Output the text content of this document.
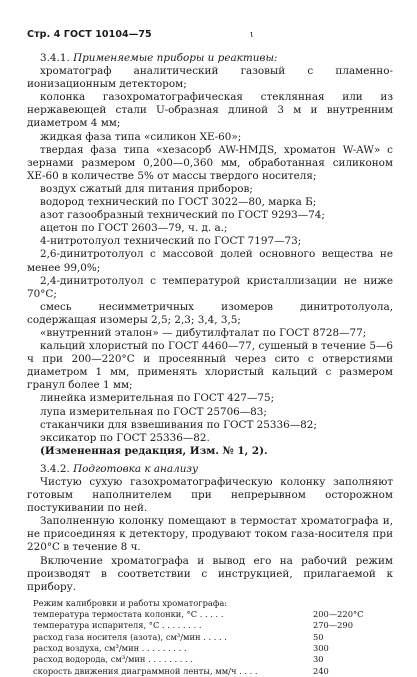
Стр. 4 ГОСТ 10104—75	ι

3.4.1. Применяемые приборы и реактивы:

хроматограф аналитический газовый с пламенно-ионизационным детектором;

колонка газохроматографическая стеклянная или из нержавеющей стали U-образная длиной 3 м и внутренним диаметром 4 мм;

жидкая фаза типа «силикон ХЕ-60»;

твердая фаза типа «хезасорб AW-HMДS, хроматон W-AW» с зернами размером 0,200—0,360 мм, обработанная силиконом ХЕ-60 в количестве 5% от массы твердого носителя;

воздух сжатый для питания приборов;

водород технический по ГОСТ 3022—80, марка Б;

азот газообразный технический по ГОСТ 9293—74;

ацетон по ГОСТ 2603—79, ч. д. а.;

4-нитротолуол технический по ГОСТ 7197—73;

2,6-динитротолуол с массовой долей основного вещества не менее 99,0%;

2,4-динитротолуол с температурой кристаллизации не ниже 70°С;

смесь несимметричных изомеров динитротолуола, содержащая изомеры 2,5; 2,3; 3,4, 3,5;

«внутренний эталон» — дибутилфталат по ГОСТ 8728—77;

кальций хлористый по ГОСТ 4460—77, сушеный в течение 5—6 ч при 200—220°С и просеянный через сито с отверстиями диаметром 1 мм, применять хлористый кальций с размером гранул более 1 мм;

линейка измерительная по ГОСТ 427—75;

лупа измерительная по ГОСТ 25706—83;

стаканчики для взвешивания по ГОСТ 25336—82;

эксикатор по ГОСТ 25336—82.

(Измененная редакция, Изм. № 1, 2).

3.4.2. Подготовка к анализу

Чистую сухую газохроматографическую колонку заполняют готовым наполнителем при непрерывном осторожном постукивании по ней.

Заполненную колонку помещают в термостат хроматографа и, не присоединяя к детектору, продувают током газа-носителя при 220°С в течение 8 ч.

Включение хроматографа и вывод его на рабочий режим производят в соответствии с инструкцией, прилагаемой к прибору.

Режим калибровки и работы хроматографа:
температура термостата колонки, °С . . . . .	200—220°С
температура испарителя, °С . . . . . . . .	270—290
расход газа носителя (азота), см³/мин . . . . .	50
расход воздуха, см³/мин . . . . . . . . .	300
расход водорода, см³/мин . . . . . . . . .	30
скорость движения диаграммной ленты, мм/ч . . . .	240
